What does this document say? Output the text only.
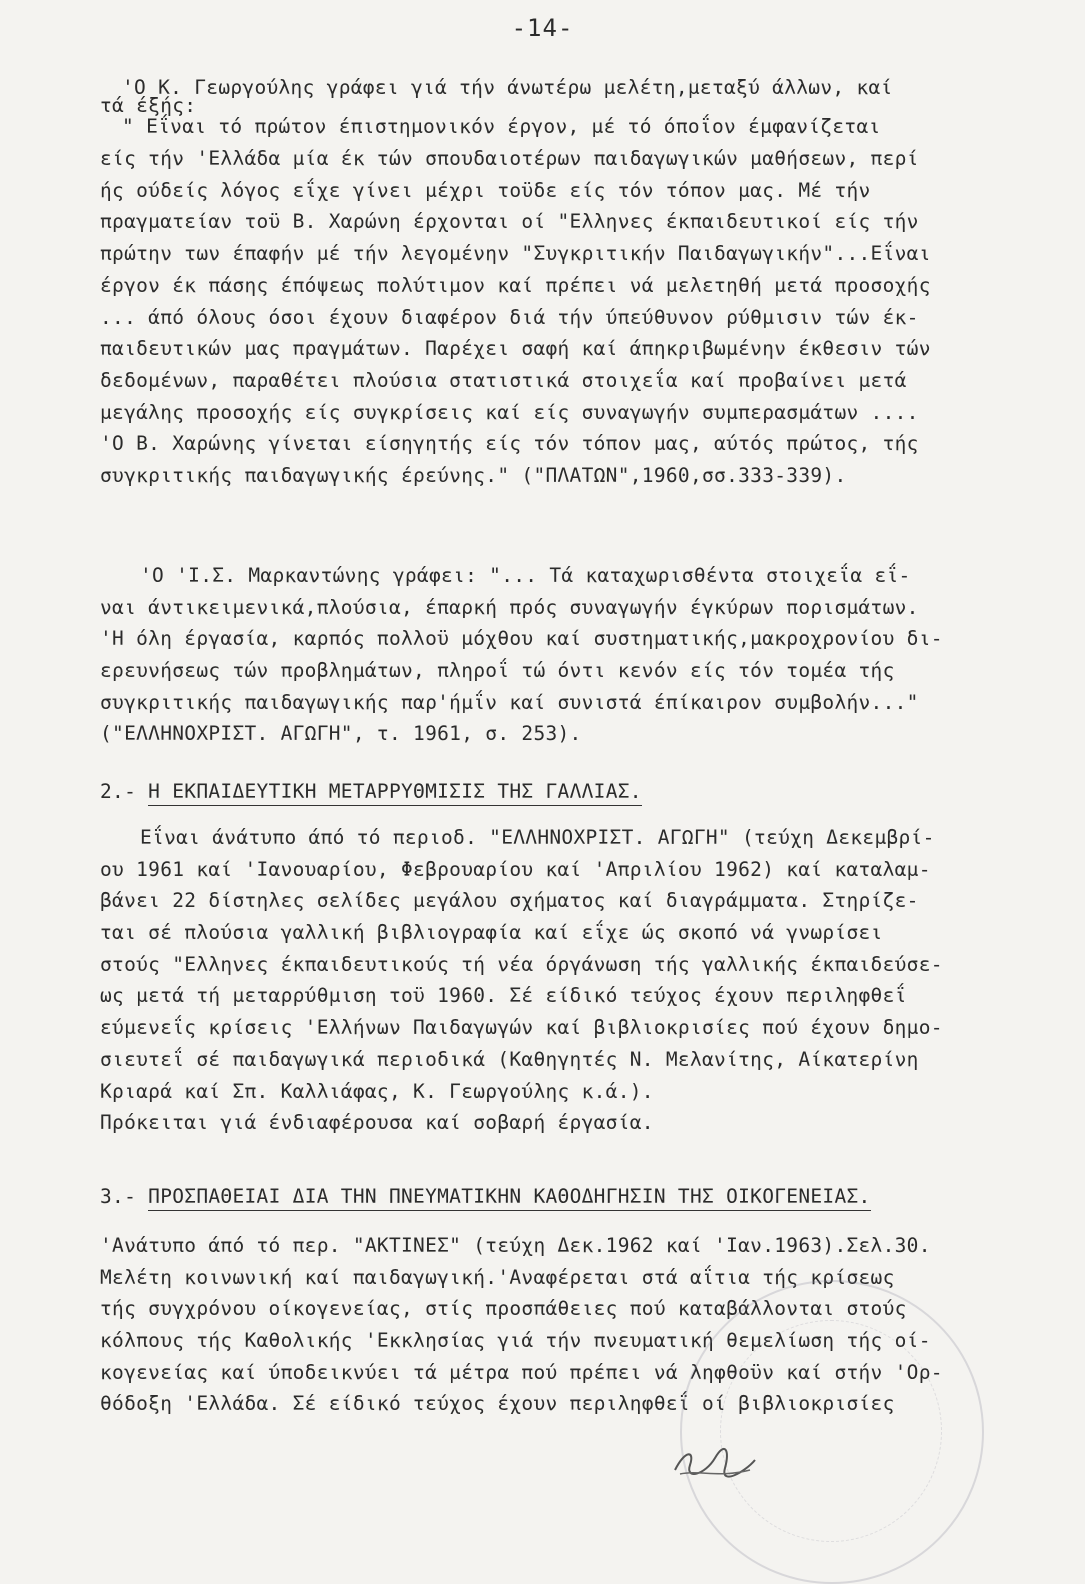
-14-
'Ο Κ. Γεωργούλης γράφει γιά τήν άνωτέρω μελέτη,μεταξύ άλλων, καί
τά έξής:
" Εΐναι τό πρώτον έπιστημονικόν έργον, μέ τό όποΐον έμφανίζεται
είς τήν 'Ελλάδα μία έκ τών σπουδαιοτέρων παιδαγωγικών μαθήσεων, περί
ής ούδείς λόγος εΐχε γίνει μέχρι τοϋδε είς τόν τόπον μας. Μέ τήν
πραγματείαν τοϋ Β. Χαρώνη έρχονται οί "Ελληνες έκπαιδευτικοί είς τήν
πρώτην των έπαφήν μέ τήν λεγομένην "Συγκριτικήν Παιδαγωγικήν"...Εΐναι
έργον έκ πάσης έπόψεως πολύτιμον καί πρέπει νά μελετηθή μετά προσοχής
... άπό όλους όσοι έχουν διαφέρον διά τήν ύπεύθυνον ρύθμισιν τών έκ-
παιδευτικών μας πραγμάτων. Παρέχει σαφή καί άπηκριβωμένην έκθεσιν τών
δεδομένων, παραθέτει πλούσια στατιστικά στοιχεΐα καί προβαίνει μετά
μεγάλης προσοχής είς συγκρίσεις καί είς συναγωγήν συμπερασμάτων ....
'Ο Β. Χαρώνης γίνεται είσηγητής είς τόν τόπον μας, αύτός πρώτος, τής
συγκριτικής παιδαγωγικής έρεύνης." ("ΠΛΑΤΩΝ",1960,σσ.333-339).
'Ο 'Ι.Σ. Μαρκαντώνης γράφει: "... Τά καταχωρισθέντα στοιχεΐα εΐ-
ναι άντικειμενικά,πλούσια, έπαρκή πρός συναγωγήν έγκύρων πορισμάτων.
'Η όλη έργασία, καρπός πολλοϋ μόχθου καί συστηματικής,μακροχρονίου δι-
ερευνήσεως τών προβλημάτων, πληροΐ τώ όντι κενόν είς τόν τομέα τής
συγκριτικής παιδαγωγικής παρ'ήμΐν καί συνιστά έπίκαιρον συμβολήν..."
("ΕΛΛΗΝΟΧΡΙΣΤ. ΑΓΩΓΗ", τ. 1961, σ. 253).
2.- Η ΕΚΠΑΙΔΕΥΤΙΚΗ ΜΕΤΑΡΡΥΘΜΙΣΙΣ ΤΗΣ ΓΑΛΛΙΑΣ.
Εΐναι άνάτυπο άπό τό περιοδ. "ΕΛΛΗΝΟΧΡΙΣΤ. ΑΓΩΓΗ" (τεύχη Δεκεμβρί-
ου 1961 καί 'Ιανουαρίου, Φεβρουαρίου καί 'Απριλίου 1962) καί καταλαμ-
βάνει 22 δίστηλες σελίδες μεγάλου σχήματος καί διαγράμματα. Στηρίζε-
ται σέ πλούσια γαλλική βιβλιογραφία καί εΐχε ώς σκοπό νά γνωρίσει
στούς "Ελληνες έκπαιδευτικούς τή νέα όργάνωση τής γαλλικής έκπαιδεύσε-
ως μετά τή μεταρρύθμιση τοϋ 1960. Σέ είδικό τεύχος έχουν περιληφθεΐ
εύμενεΐς κρίσεις 'Ελλήνων Παιδαγωγών καί βιβλιοκρισίες πού έχουν δημο-
σιευτεΐ σέ παιδαγωγικά περιοδικά (Καθηγητές Ν. Μελανίτης, Αίκατερίνη
Κριαρά καί Σπ. Καλλιάφας, Κ. Γεωργούλης κ.ά.).
Πρόκειται γιά ένδιαφέρουσα καί σοβαρή έργασία.
3.- ΠΡΟΣΠΑΘΕΙΑΙ ΔΙΑ ΤΗΝ ΠΝΕΥΜΑΤΙΚΗΝ ΚΑΘΟΔΗΓΗΣΙΝ ΤΗΣ ΟΙΚΟΓΕΝΕΙΑΣ.
'Ανάτυπο άπό τό περ. "ΑΚΤΙΝΕΣ" (τεύχη Δεκ.1962 καί 'Ιαν.1963).Σελ.30.
Μελέτη κοινωνική καί παιδαγωγική.'Αναφέρεται στά αΐτια τής κρίσεως
τής συγχρόνου οίκογενείας, στίς προσπάθειες πού καταβάλλονται στούς
κόλπους τής Καθολικής 'Εκκλησίας γιά τήν πνευματική θεμελίωση τής οί-
κογενείας καί ύποδεικνύει τά μέτρα πού πρέπει νά ληφθοϋν καί στήν 'Ορ-
θόδοξη 'Ελλάδα. Σέ είδικό τεύχος έχουν περιληφθεΐ οί βιβλιοκρισίες
